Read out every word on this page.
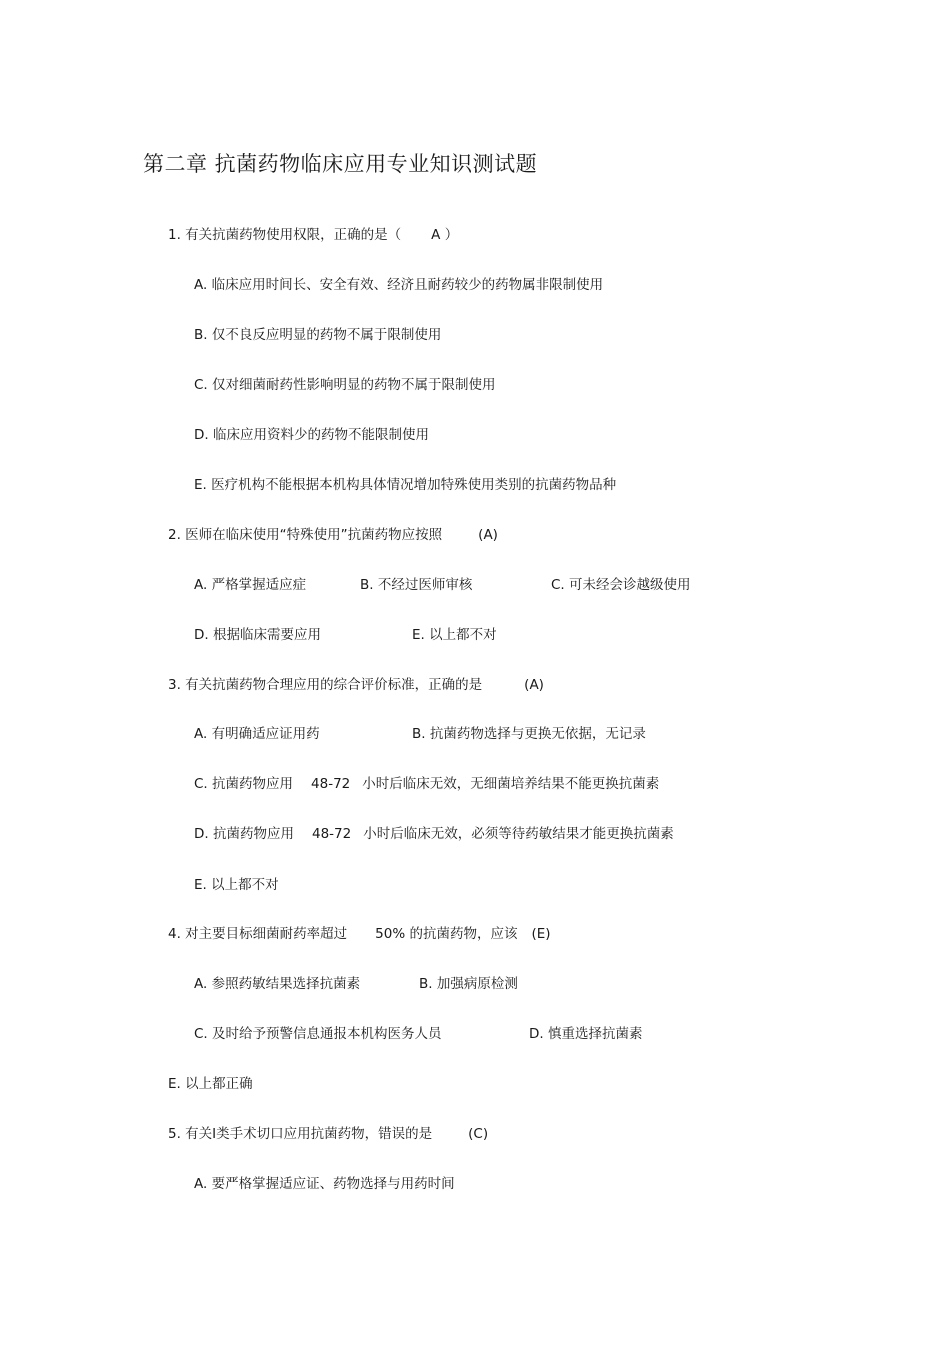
第二章 抗菌药物临床应用专业知识测试题
1. 有关抗菌药物使用权限，正确的是（ A ）
A. 临床应用时间长、安全有效、经济且耐药较少的药物属非限制使用
B. 仅不良反应明显的药物不属于限制使用
C. 仅对细菌耐药性影响明显的药物不属于限制使用
D. 临床应用资料少的药物不能限制使用
E. 医疗机构不能根据本机构具体情况增加特殊使用类别的抗菌药物品种
2. 医师在临床使用“特殊使用”抗菌药物应按照	(A)
A. 严格掌握适应症	B. 不经过医师审核	C. 可未经会诊越级使用
D. 根据临床需要应用	E. 以上都不对
3. 有关抗菌药物合理应用的综合评价标准，正确的是	(A)
A. 有明确适应证用药	B. 抗菌药物选择与更换无依据，无记录
C. 抗菌药物应用 48-72 小时后临床无效，无细菌培养结果不能更换抗菌素
D. 抗菌药物应用 48-72 小时后临床无效，必须等待药敏结果才能更换抗菌素
E. 以上都不对
4. 对主要目标细菌耐药率超过 50% 的抗菌药物，应该 (E)
A. 参照药敏结果选择抗菌素	B. 加强病原检测
C. 及时给予预警信息通报本机构医务人员	D. 慎重选择抗菌素
E. 以上都正确
5. 有关Ⅰ类手术切口应用抗菌药物，错误的是	(C)
A. 要严格掌握适应证、药物选择与用药时间
